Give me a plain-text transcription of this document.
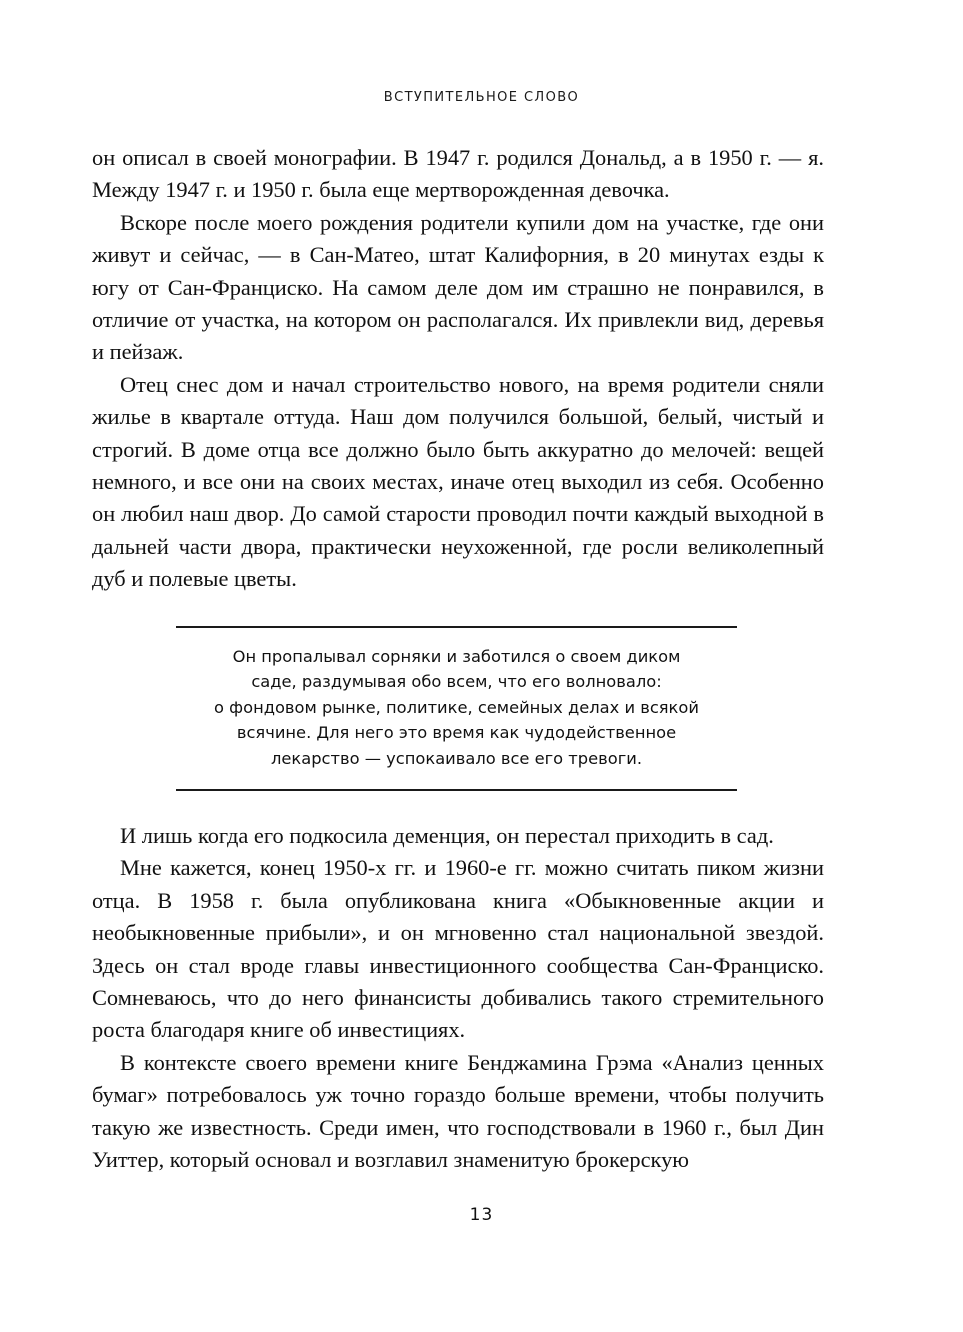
ВСТУПИТЕЛЬНОЕ СЛОВО

он описал в своей монографии. В 1947 г. родился Дональд, а в 1950 г. — я. Между 1947 г. и 1950 г. была еще мертворожденная девочка.

Вскоре после моего рождения родители купили дом на участке, где они живут и сейчас, — в Сан-Матео, штат Калифорния, в 20 минутах езды к югу от Сан-Франциско. На самом деле дом им страшно не понравился, в отличие от участка, на котором он располагался. Их привлекли вид, деревья и пейзаж.

Отец снес дом и начал строительство нового, на время родители сняли жилье в квартале оттуда. Наш дом получился большой, белый, чистый и строгий. В доме отца все должно было быть аккуратно до мелочей: вещей немного, и все они на своих местах, иначе отец выходил из себя. Особенно он любил наш двор. До самой старости проводил почти каждый выходной в дальней части двора, практически неухоженной, где росли великолепный дуб и полевые цветы.

Он пропалывал сорняки и заботился о своем диком
саде, раздумывая обо всем, что его волновало:
о фондовом рынке, политике, семейных делах и всякой
всячине. Для него это время как чудодейственное
лекарство — успокаивало все его тревоги.

И лишь когда его подкосила деменция, он перестал приходить в сад.

Мне кажется, конец 1950-х гг. и 1960-е гг. можно считать пиком жизни отца. В 1958 г. была опубликована книга «Обыкновенные акции и необыкновенные прибыли», и он мгновенно стал национальной звездой. Здесь он стал вроде главы инвестиционного сообщества Сан-Франциско. Сомневаюсь, что до него финансисты добивались такого стремительного роста благодаря книге об инвестициях.

В контексте своего времени книге Бенджамина Грэма «Анализ ценных бумаг» потребовалось уж точно гораздо больше времени, чтобы получить такую же известность. Среди имен, что господствовали в 1960 г., был Дин Уиттер, который основал и возглавил знаменитую брокерскую

13
